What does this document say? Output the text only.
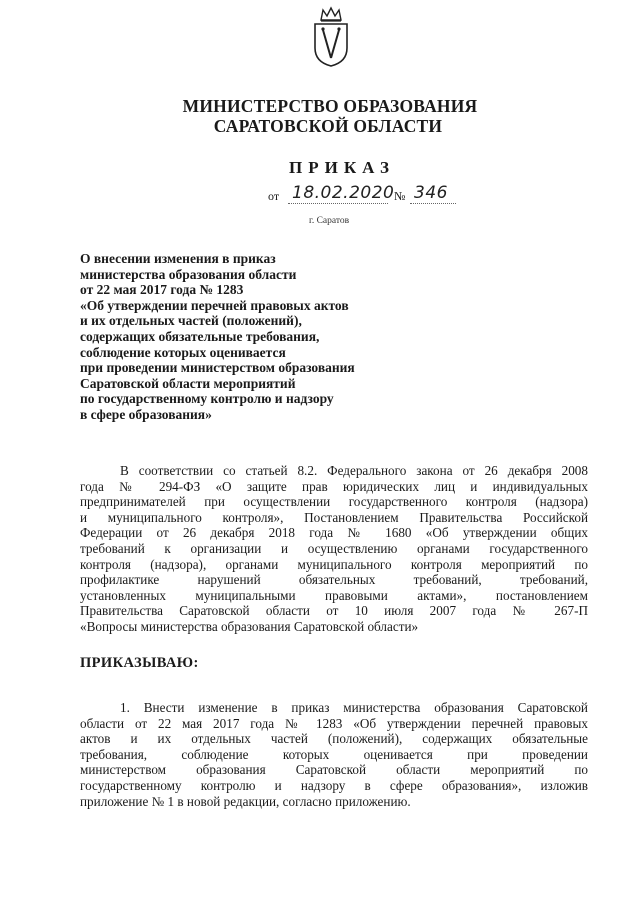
МИНИСТЕРСТВО ОБРАЗОВАНИЯ
САРАТОВСКОЙ ОБЛАСТИ
ПРИКАЗ
от 18.02.2020 № 346
г. Саратов
О внесении изменения в приказ
министерства образования области
от 22 мая 2017 года № 1283
«Об утверждении перечней правовых актов
и их отдельных частей (положений),
содержащих обязательные требования,
соблюдение которых оценивается
при проведении министерством образования
Саратовской области мероприятий
по государственному контролю и надзору
в сфере образования»
В соответствии со статьей 8.2. Федерального закона от 26 декабря 2008
года № 294-ФЗ «О защите прав юридических лиц и индивидуальных
предпринимателей при осуществлении государственного контроля (надзора)
и муниципального контроля», Постановлением Правительства Российской
Федерации от 26 декабря 2018 года № 1680 «Об утверждении общих
требований к организации и осуществлению органами государственного
контроля (надзора), органами муниципального контроля мероприятий по
профилактике нарушений обязательных требований, требований,
установленных муниципальными правовыми актами», постановлением
Правительства Саратовской области от 10 июля 2007 года № 267-П
«Вопросы министерства образования Саратовской области»
ПРИКАЗЫВАЮ:
1. Внести изменение в приказ министерства образования Саратовской
области от 22 мая 2017 года № 1283 «Об утверждении перечней правовых
актов и их отдельных частей (положений), содержащих обязательные
требования, соблюдение которых оценивается при проведении
министерством образования Саратовской области мероприятий по
государственному контролю и надзору в сфере образования», изложив
приложение № 1 в новой редакции, согласно приложению.
